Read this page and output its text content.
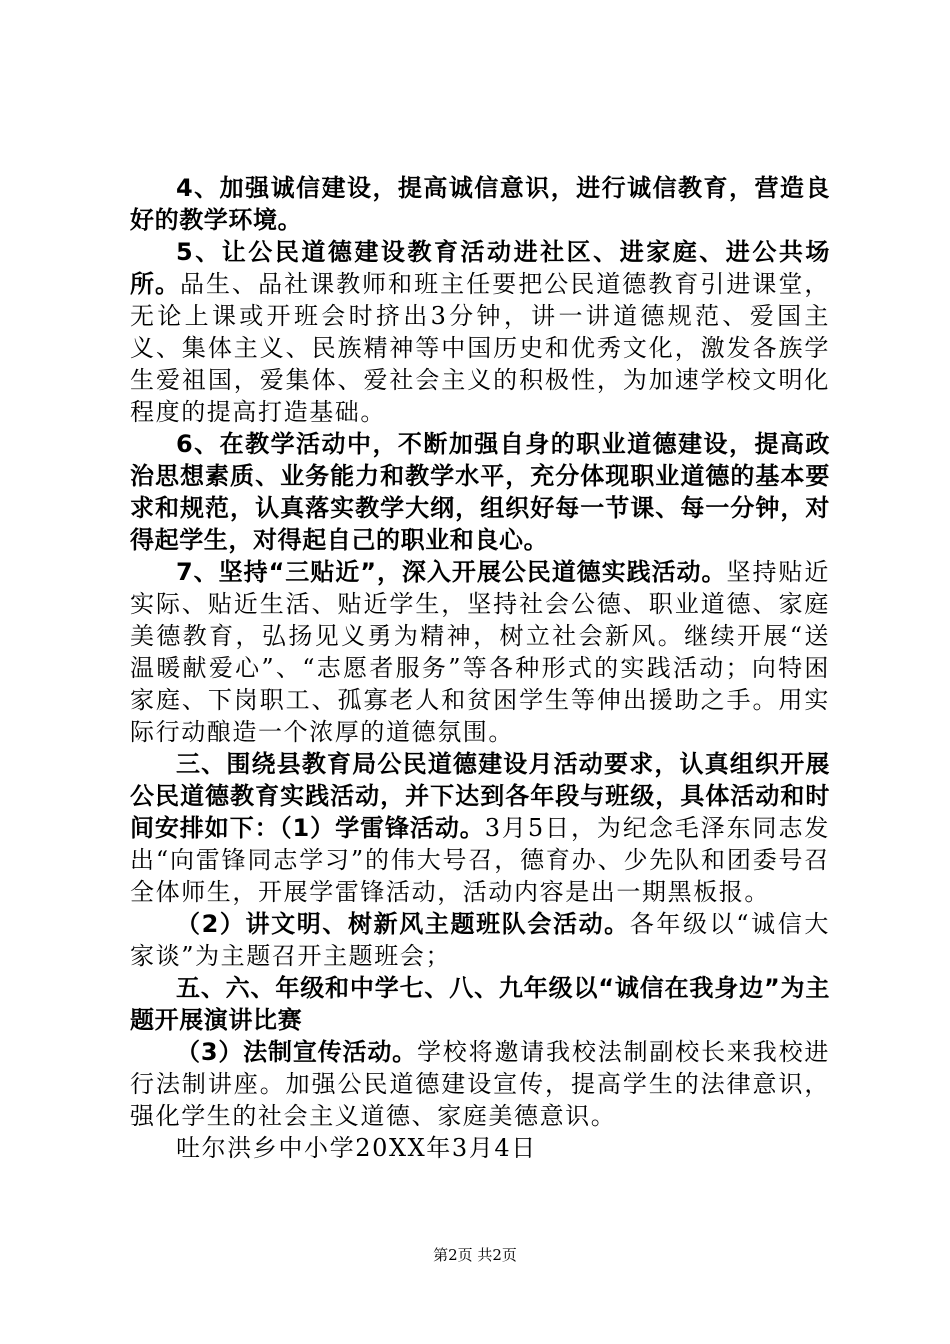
4、加强诚信建设，提高诚信意识，进行诚信教育，营造良好的教学环境。

5、让公民道德建设教育活动进社区、进家庭、进公共场所。品生、品社课教师和班主任要把公民道德教育引进课堂，无论上课或开班会时挤出3分钟，讲一讲道德规范、爱国主义、集体主义、民族精神等中国历史和优秀文化，激发各族学生爱祖国，爱集体、爱社会主义的积极性，为加速学校文明化程度的提高打造基础。

6、在教学活动中，不断加强自身的职业道德建设，提高政治思想素质、业务能力和教学水平，充分体现职业道德的基本要求和规范，认真落实教学大纲，组织好每一节课、每一分钟，对得起学生，对得起自己的职业和良心。

7、坚持“三贴近”，深入开展公民道德实践活动。坚持贴近实际、贴近生活、贴近学生，坚持社会公德、职业道德、家庭美德教育，弘扬见义勇为精神，树立社会新风。继续开展“送温暖献爱心”、“志愿者服务”等各种形式的实践活动；向特困家庭、下岗职工、孤寡老人和贫困学生等伸出援助之手。用实际行动酿造一个浓厚的道德氛围。

三、围绕县教育局公民道德建设月活动要求，认真组织开展公民道德教育实践活动，并下达到各年段与班级，具体活动和时间安排如下：（1）学雷锋活动。3月5日，为纪念毛泽东同志发出“向雷锋同志学习”的伟大号召，德育办、少先队和团委号召全体师生，开展学雷锋活动，活动内容是出一期黑板报。

（2）讲文明、树新风主题班队会活动。各年级以“诚信大家谈”为主题召开主题班会；

五、六、年级和中学七、八、九年级以“诚信在我身边”为主题开展演讲比赛

（3）法制宣传活动。学校将邀请我校法制副校长来我校进行法制讲座。加强公民道德建设宣传，提高学生的法律意识，强化学生的社会主义道德、家庭美德意识。

吐尔洪乡中小学20XX年3月4日

第2页 共2页
